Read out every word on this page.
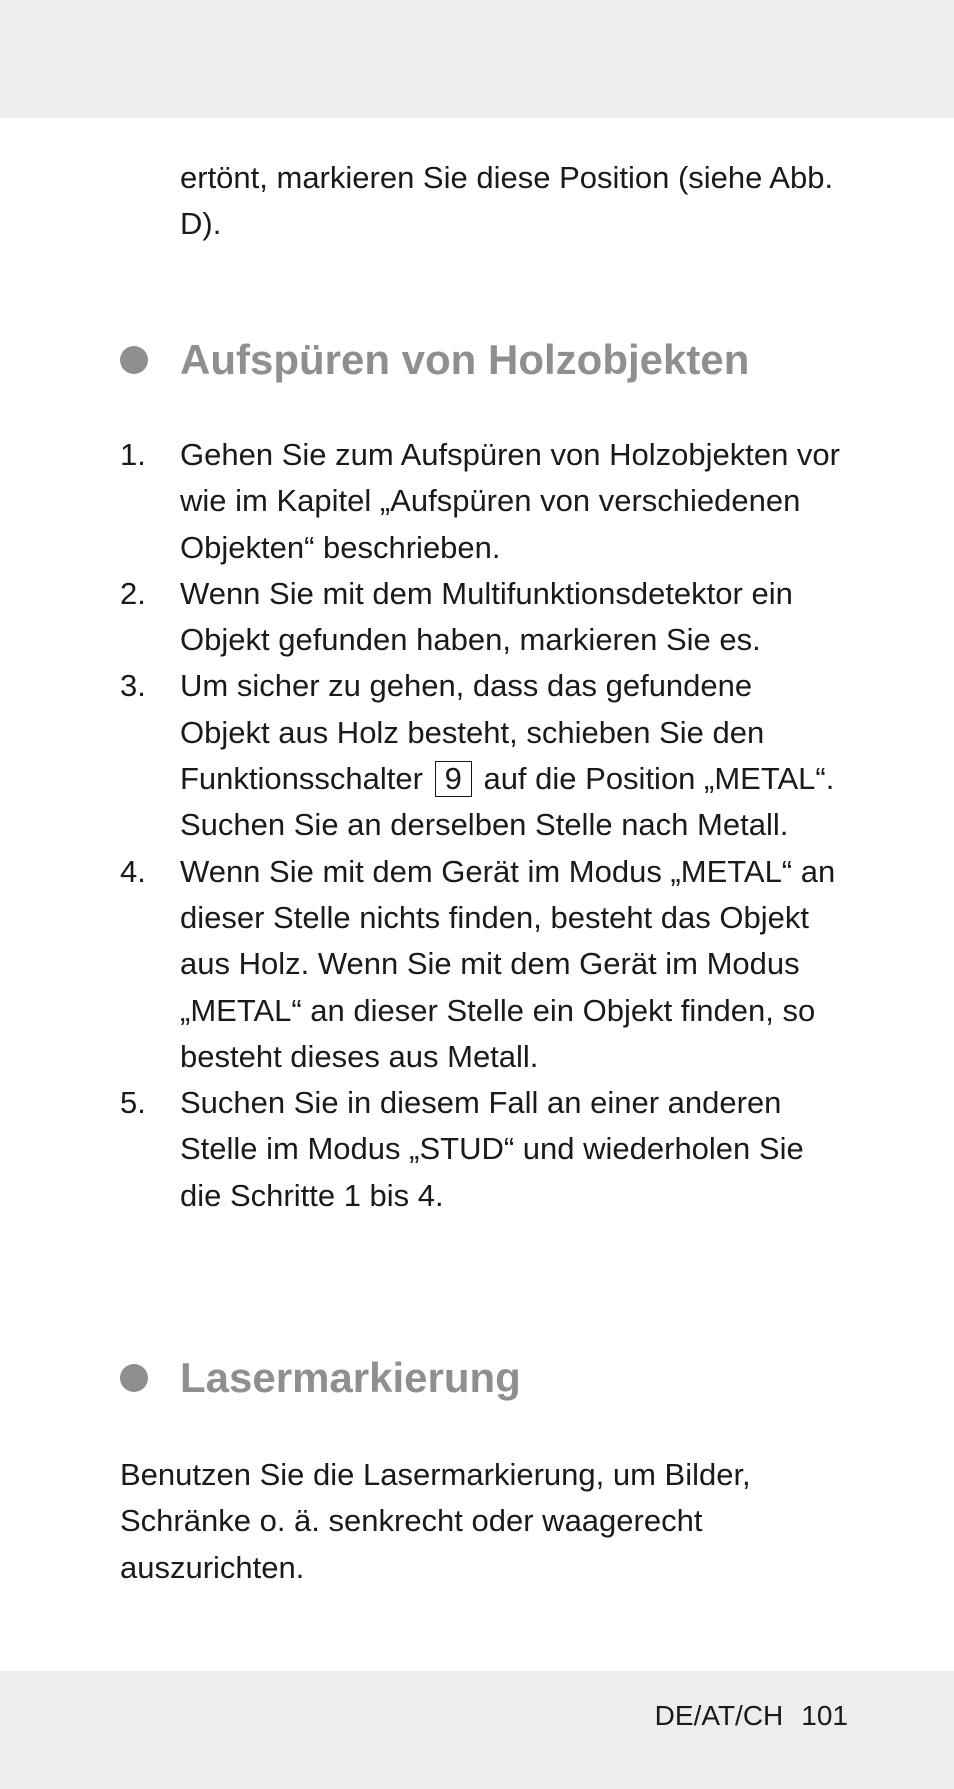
ertönt, markieren Sie diese Position (siehe Abb. D).

Aufspüren von Holzobjekten
1.	Gehen Sie zum Aufspüren von Holzobjekten vor wie im Kapitel „Aufspüren von verschiedenen Objekten“ beschrieben.
2.	Wenn Sie mit dem Multifunktionsdetektor ein Objekt gefunden haben, markieren Sie es.
3.	Um sicher zu gehen, dass das gefundene Objekt aus Holz besteht, schieben Sie den Funktionsschalter 9 auf die Position „METAL“. Suchen Sie an derselben Stelle nach Metall.
4.	Wenn Sie mit dem Gerät im Modus „METAL“ an dieser Stelle nichts finden, besteht das Objekt aus Holz. Wenn Sie mit dem Gerät im Modus „METAL“ an dieser Stelle ein Objekt finden, so besteht dieses aus Metall.
5.	Suchen Sie in diesem Fall an einer anderen Stelle im Modus „STUD“ und wiederholen Sie die Schritte 1 bis 4.
Lasermarkierung

Benutzen Sie die Lasermarkierung, um Bilder, Schränke o. ä. senkrecht oder waagerecht auszurichten.

DE/AT/CH 101
